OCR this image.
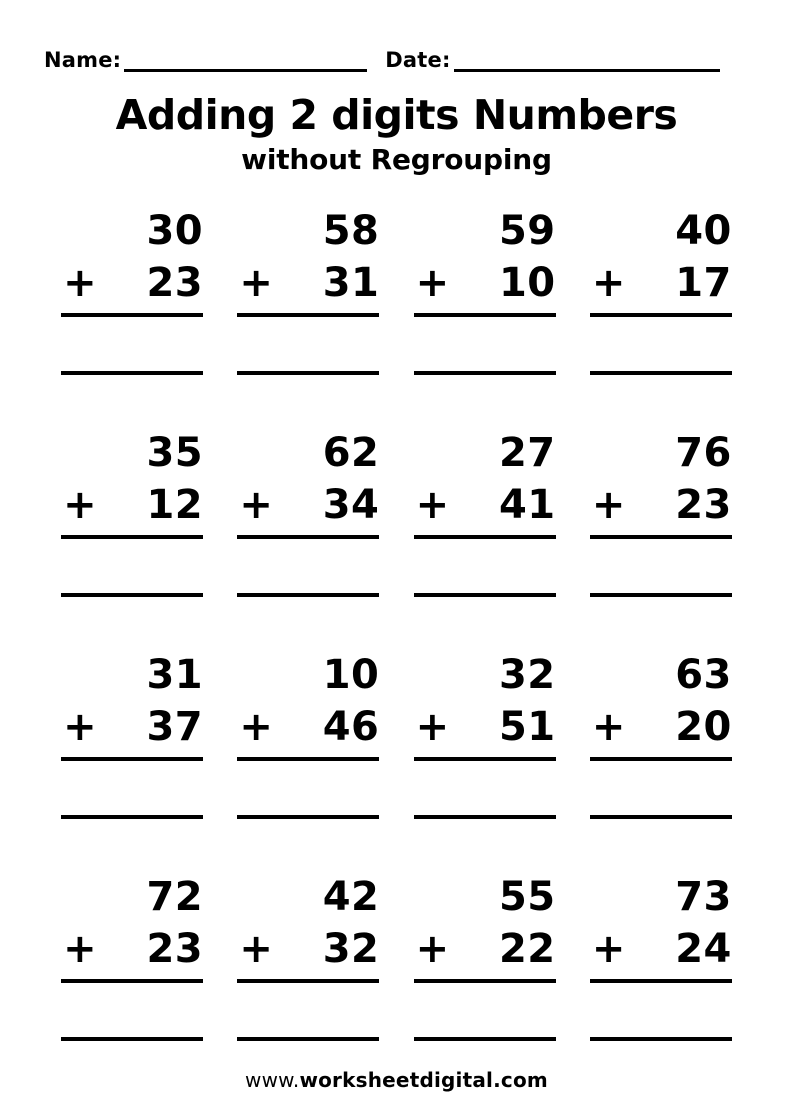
Name:	Date:
Adding 2 digits Numbers
without Regrouping
30
+ 23
58
+ 31
59
+ 10
40
+ 17
35
+ 12
62
+ 34
27
+ 41
76
+ 23
31
+ 37
10
+ 46
32
+ 51
63
+ 20
72
+ 23
42
+ 32
55
+ 22
73
+ 24
www.worksheetdigital.com
